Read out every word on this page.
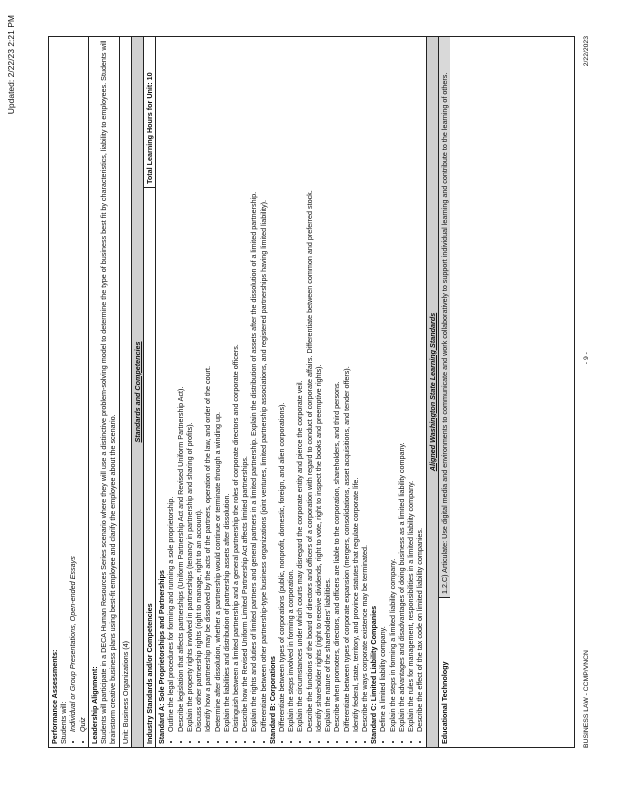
Updated: 2/22/23 2:21 PM
Performance Assessments: Students will: • Individual or Group Presentations, Open-ended Essays • Quiz Leadership Alignment: Students will participate in a DECA Human Resources Series scenario where they will use a distinctive problem-solving model to determine the type of business best fit by characteristics, liability to employees. Students will brainstorm creative business plans using best-fit employee and clarify the employee about the scenario. Unit: Business Organizations (4)
Standards and Competencies
Industry Standards and/or Competencies
Total Learning Hours for Unit: 10
Standard A: Sole Proprietorships and Partnerships • Outline the legal procedures for forming and running a sole proprietorship. • Describe legislation that affects partnerships (Uniform Partnership Act and Revised Uniform Partnership Act). • Explain the property rights involved in partnerships (tenancy in partnership and sharing of profits). • Discuss other partnership rights (right to manage, right to an account). • Identify how a partnership may be dissolved by the acts of the partners, operation of the law, and order of the court. • Determine after dissolution, whether a partnership would continue or terminate through a winding up. • Explain the liabilities and distribution of partnership assets after dissolution. • Distinguish between a limited partnership and a general partnership the roles of corporate directors and corporate officers. • Describe how the Revised Uniform Limited Partnership Act affects limited partnerships. • Explain the rights and duties of limited partners and general partners in a limited partnership. Explain the distribution of assets after the dissolution of a limited partnership. • Differentiate between other partnership-type business organizations (joint ventures, limited partnership associations, and registered partnerships having limited liability). Standard B: Corporations • Differentiate between types of corporations (public, nonprofit, domestic, foreign, and alien corporations). • Explain the steps involved in forming a corporation. • Explain the circumstances under which courts may disregard the corporate entity and pierce the corporate veil. • Describe the functions of the board of directors and officers of a corporation with regard to conduct of corporate affairs. Differentiate between common and preferred stock. • Identify shareholder rights (right to receive dividends, right to vote, right to inspect the books and preemptive rights). • Explain the nature of the shareholders' liabilities. • Describe when promoters, directors, and officers are liable to the corporation, shareholders, and third persons. • Differentiate between types of corporate expansion (mergers, consolidations, asset acquisitions, and tender offers). • Identify federal, state, territory, and province statutes that regulate corporate life. • Describe the ways corporate existence may be terminated. Standard C: Limited Liability Companies • Define a limited liability company. • Explain the steps in forming a limited liability company. • Explain the advantages and disadvantages of doing business as a limited liability company. • Explain the rules for management, responsibilities in a limited liability company. • Describe the effect of the tax code on limited liability companies.
Aligned Washington State Learning Standards
Educational Technology
1.2.C) Articulate: Use digital media and environments to communicate and work collaboratively to support individual learning and contribute to the learning of others.
BUSINESS LAW - CCMP/VNCN
- 9 -
2/22/2023
